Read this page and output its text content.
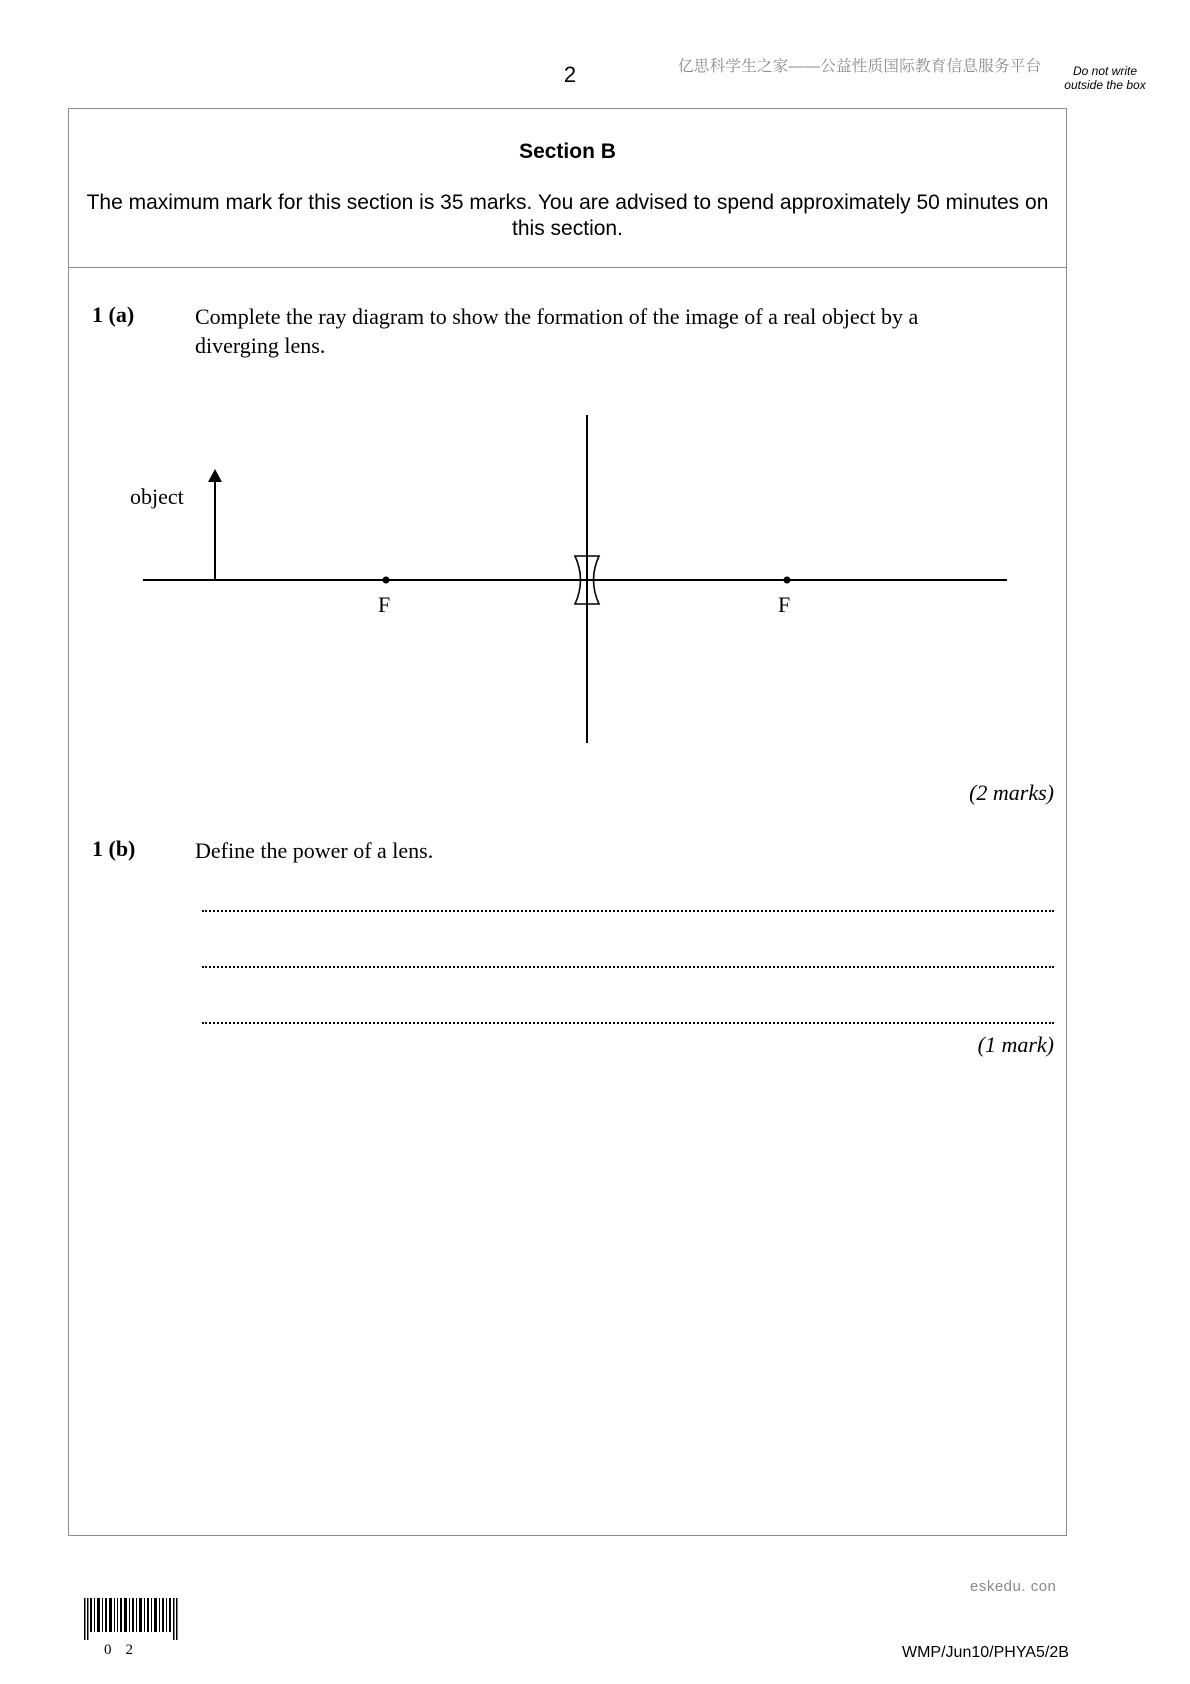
2	亿思科学生之家——公益性质国际教育信息服务平台	Do not write outside the box
Section B
The maximum mark for this section is 35 marks. You are advised to spend approximately 50 minutes on this section.
1 (a)	Complete the ray diagram to show the formation of the image of a real object by a diverging lens.
object
F	F
(2 marks)
1 (b)	Define the power of a lens.
(1 mark)
eskedu. con
02	WMP/Jun10/PHYA5/2B
